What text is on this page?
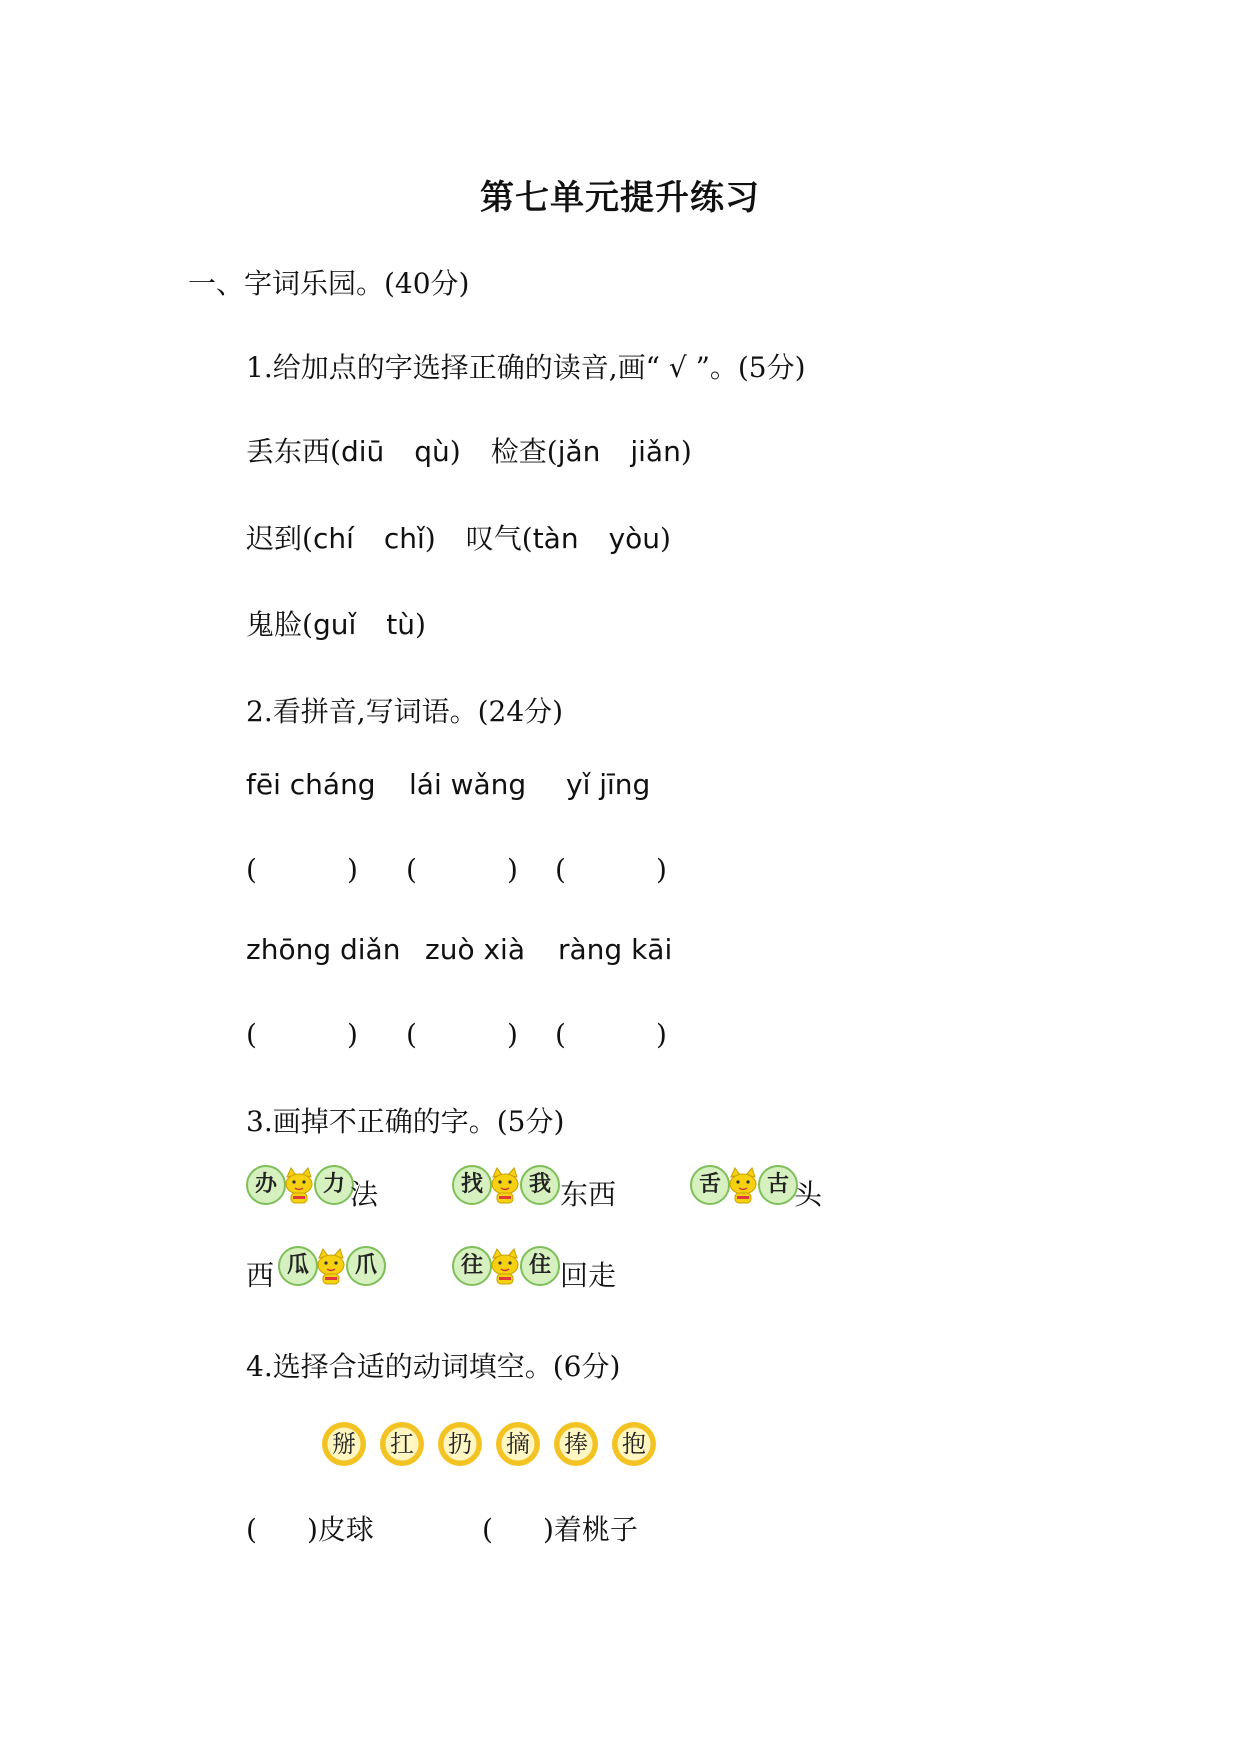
第七单元提升练习
一、字词乐园。(40分)
1.给加点的字选择正确的读音,画“ √ ”。(5分)
丢东西(diū qù) 检查(jǎn jiǎn)
迟到(chí chǐ) 叹气(tàn yòu)
鬼脸(guǐ tù)
2.看拼音,写词语。(24分)
fēi cháng lái wǎng yǐ jīng
(	) (	) (	)
zhōng diǎn zuò xià ràng kāi
(	) (	) (	)
3.画掉不正确的字。(5分)
办	力 法	找	我 东西	舌	古 头
西 瓜	爪	往	住 回走
4.选择合适的动词填空。(6分)
掰	扛	扔	摘	捧	抱
( )皮球	( )着桃子
